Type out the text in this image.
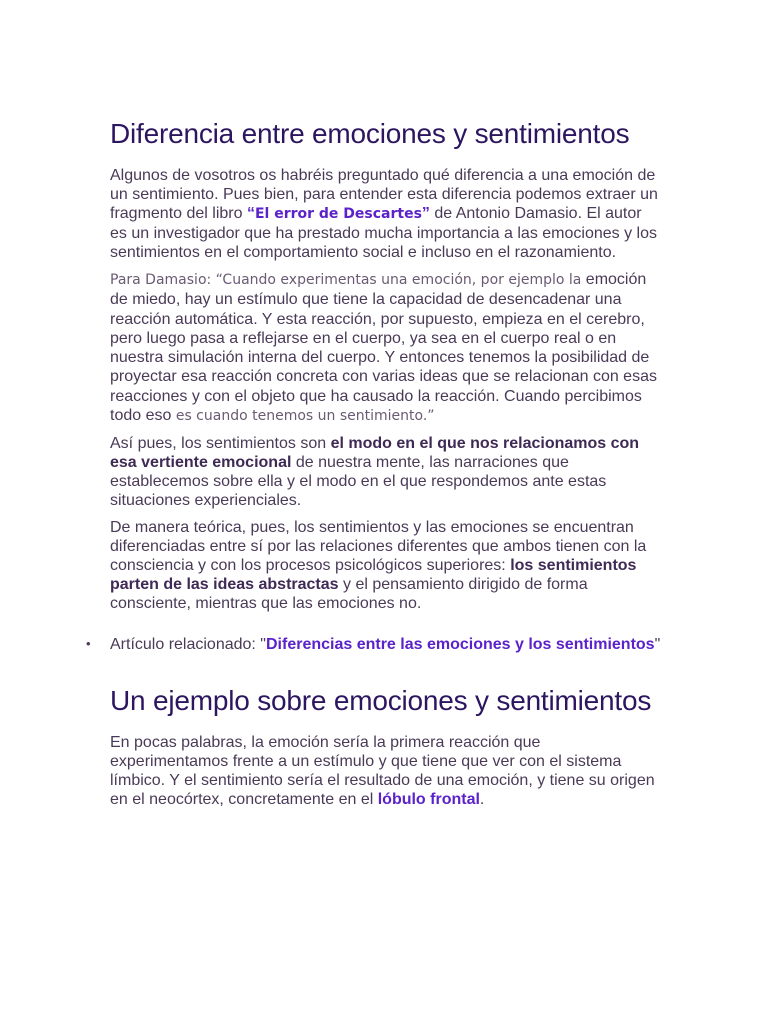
Diferencia entre emociones y sentimientos

Algunos de vosotros os habréis preguntado qué diferencia a una emoción de un sentimiento. Pues bien, para entender esta diferencia podemos extraer un fragmento del libro “El error de Descartes” de Antonio Damasio. El autor es un investigador que ha prestado mucha importancia a las emociones y los sentimientos en el comportamiento social e incluso en el razonamiento.

Para Damasio: “Cuando experimentas una emoción, por ejemplo la emoción de miedo, hay un estímulo que tiene la capacidad de desencadenar una reacción automática. Y esta reacción, por supuesto, empieza en el cerebro, pero luego pasa a reflejarse en el cuerpo, ya sea en el cuerpo real o en nuestra simulación interna del cuerpo. Y entonces tenemos la posibilidad de proyectar esa reacción concreta con varias ideas que se relacionan con esas reacciones y con el objeto que ha causado la reacción. Cuando percibimos todo eso es cuando tenemos un sentimiento.”

Así pues, los sentimientos son el modo en el que nos relacionamos con esa vertiente emocional de nuestra mente, las narraciones que establecemos sobre ella y el modo en el que respondemos ante estas situaciones experienciales.

De manera teórica, pues, los sentimientos y las emociones se encuentran diferenciadas entre sí por las relaciones diferentes que ambos tienen con la consciencia y con los procesos psicológicos superiores: los sentimientos parten de las ideas abstractas y el pensamiento dirigido de forma consciente, mientras que las emociones no.

• Artículo relacionado: "Diferencias entre las emociones y los sentimientos"
Un ejemplo sobre emociones y sentimientos

En pocas palabras, la emoción sería la primera reacción que experimentamos frente a un estímulo y que tiene que ver con el sistema límbico. Y el sentimiento sería el resultado de una emoción, y tiene su origen en el neocórtex, concretamente en el lóbulo frontal.
